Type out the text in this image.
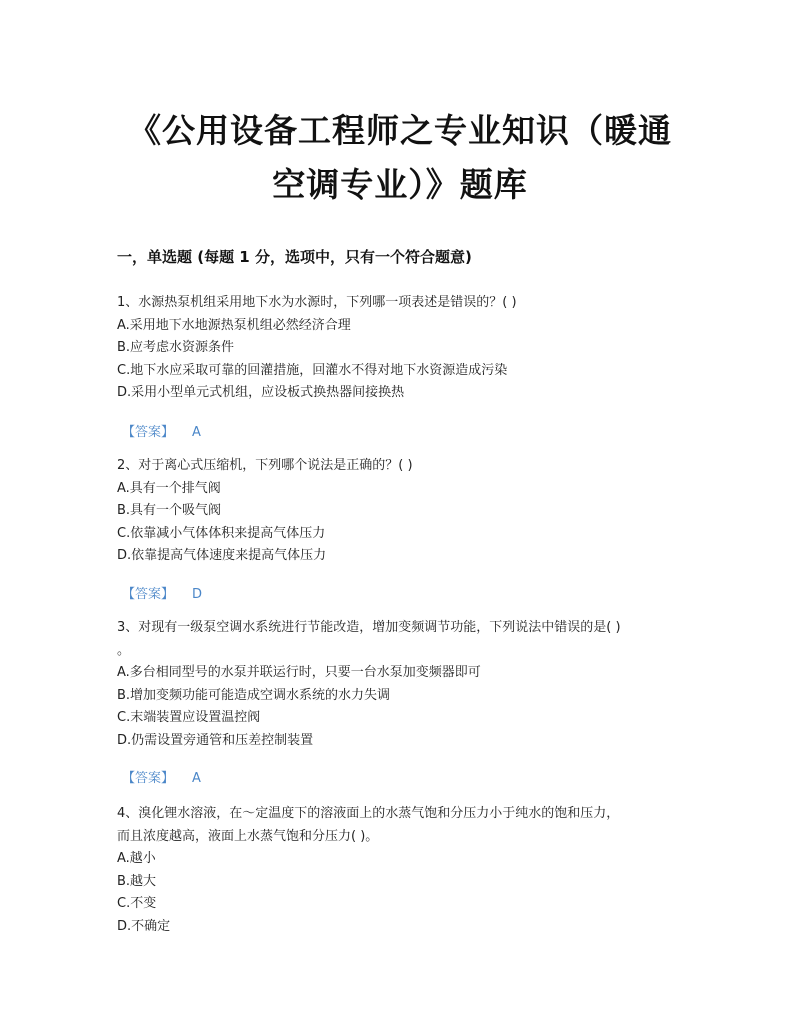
《公用设备工程师之专业知识（暖通
空调专业）》题库
一，单选题 (每题 1 分，选项中，只有一个符合题意)

1、水源热泵机组采用地下水为水源时，下列哪一项表述是错误的？( )

A.采用地下水地源热泵机组必然经济合理

B.应考虑水资源条件

C.地下水应采取可靠的回灌措施，回灌水不得对地下水资源造成污染

D.采用小型单元式机组，应设板式换热器间接换热

【答案】 A

2、对于离心式压缩机，下列哪个说法是正确的？( )

A.具有一个排气阀

B.具有一个吸气阀

C.依靠减小气体体积来提高气体压力

D.依靠提高气体速度来提高气体压力

【答案】 D

3、对现有一级泵空调水系统进行节能改造，增加变频调节功能，下列说法中错误的是( )

。

A.多台相同型号的水泵并联运行时，只要一台水泵加变频器即可

B.增加变频功能可能造成空调水系统的水力失调

C.末端装置应设置温控阀

D.仍需设置旁通管和压差控制装置

【答案】 A

4、溴化锂水溶液，在～定温度下的溶液面上的水蒸气饱和分压力小于纯水的饱和压力，

而且浓度越高，液面上水蒸气饱和分压力( )。

A.越小

B.越大

C.不变

D.不确定
